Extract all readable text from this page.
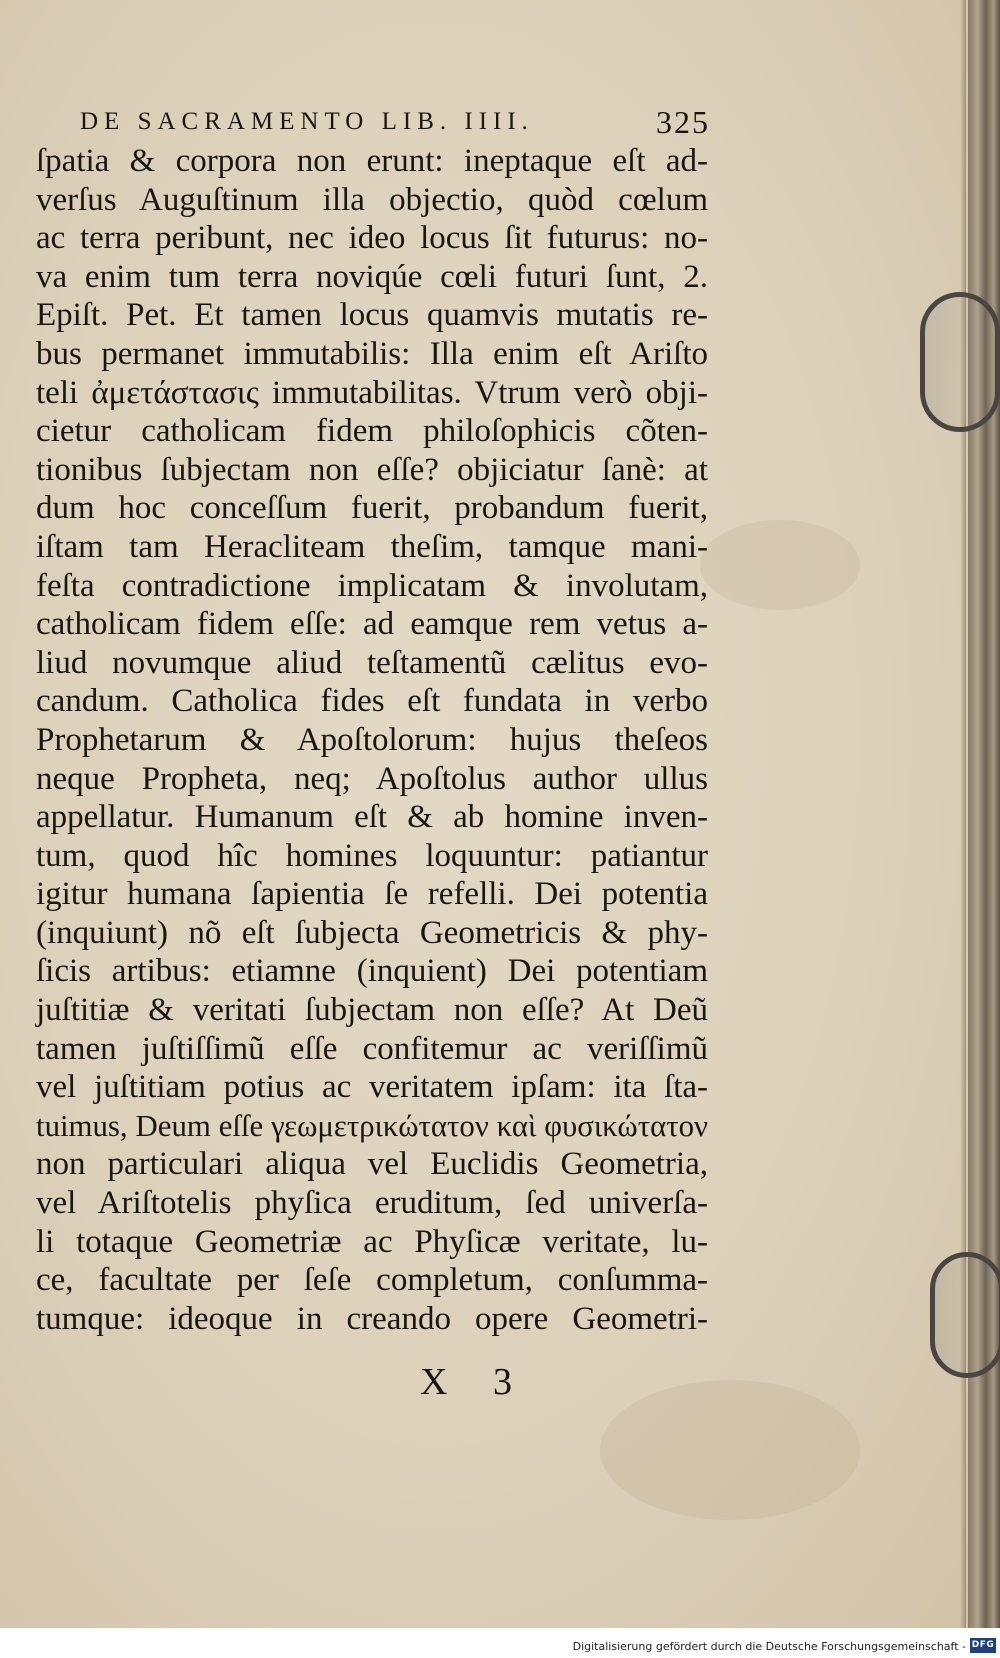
DE SACRAMENTO LIB. IIII.	325
ſpatia & corpora non erunt: ineptaque eſt ad-
verſus Auguſtinum illa objectio, quòd cœlum
ac terra peribunt, nec ideo locus ſit futurus: no-
va enim tum terra noviqúe cœli futuri ſunt, 2.
Epiſt. Pet. Et tamen locus quamvis mutatis re-
bus permanet immutabilis: Illa enim eſt Ariſto
teli ἀμετάστασις immutabilitas. Vtrum verò obji-
cietur catholicam fidem philoſophicis cõten-
tionibus ſubjectam non eſſe? objiciatur ſanè: at
dum hoc conceſſum fuerit, probandum fuerit,
iſtam tam Heracliteam theſim, tamque mani-
feſta contradictione implicatam & involutam,
catholicam fidem eſſe: ad eamque rem vetus a-
liud novumque aliud teſtamentũ cælitus evo-
candum. Catholica fides eſt fundata in verbo
Prophetarum & Apoſtolorum: hujus theſeos
neque Propheta, neq; Apoſtolus author ullus
appellatur. Humanum eſt & ab homine inven-
tum, quod hîc homines loquuntur: patiantur
igitur humana ſapientia ſe refelli. Dei potentia
(inquiunt) nõ eſt ſubjecta Geometricis & phy-
ſicis artibus: etiamne (inquient) Dei potentiam
juſtitiæ & veritati ſubjectam non eſſe? At Deũ
tamen juſtiſſimũ eſſe confitemur ac veriſſimũ
vel juſtitiam potius ac veritatem ipſam: ita ſta-
tuimus, Deum eſſe γεωμετρικώτατον καὶ φυσικώτατον
non particulari aliqua vel Euclidis Geometria,
vel Ariſtotelis phyſica eruditum, ſed univerſa-
li totaque Geometriæ ac Phyſicæ veritate, lu-
ce, facultate per ſeſe completum, conſumma-
tumque: ideoque in creando opere Geometri-
X 3
Digitalisierung gefördert durch die Deutsche Forschungsgemeinschaft - DFG
